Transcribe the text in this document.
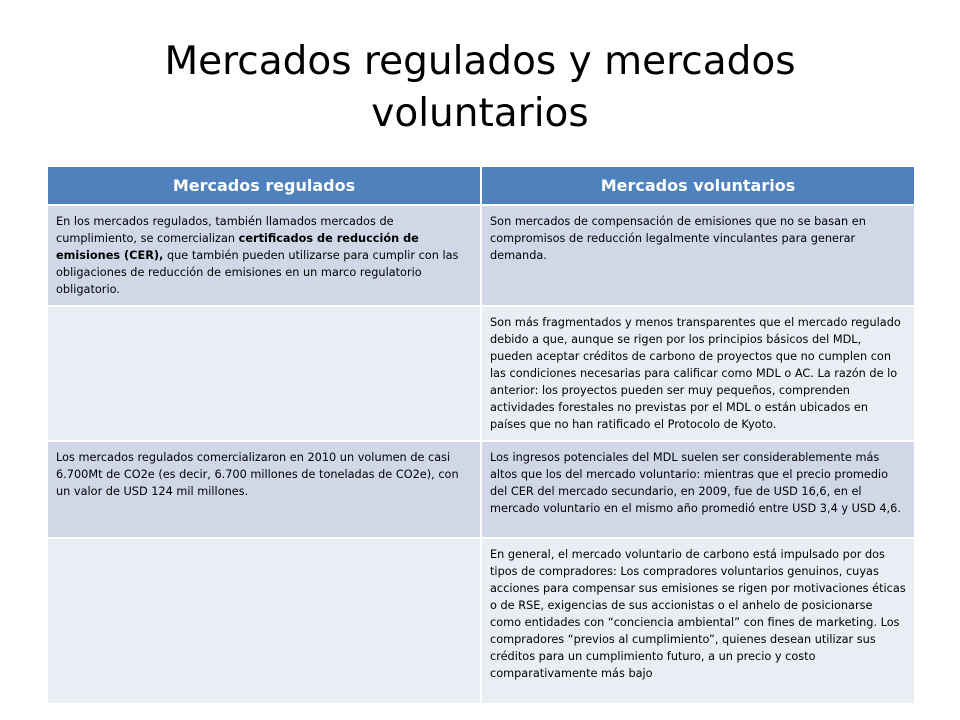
Mercados regulados y mercados
voluntarios
Mercados regulados	Mercados voluntarios
En los mercados regulados, también llamados mercados de cumplimiento, se comercializan certificados de reducción de emisiones (CER), que también pueden utilizarse para cumplir con las obligaciones de reducción de emisiones en un marco regulatorio obligatorio.	Son mercados de compensación de emisiones que no se basan en compromisos de reducción legalmente vinculantes para generar demanda.
	Son más fragmentados y menos transparentes que el mercado regulado debido a que, aunque se rigen por los principios básicos del MDL, pueden aceptar créditos de carbono de proyectos que no cumplen con las condiciones necesarias para calificar como MDL o AC. La razón de lo anterior: los proyectos pueden ser muy pequeños, comprenden actividades forestales no previstas por el MDL o están ubicados en países que no han ratificado el Protocolo de Kyoto.
Los mercados regulados comercializaron en 2010 un volumen de casi 6.700Mt de CO2e (es decir, 6.700 millones de toneladas de CO2e), con un valor de USD 124 mil millones.	Los ingresos potenciales del MDL suelen ser considerablemente más altos que los del mercado voluntario: mientras que el precio promedio del CER del mercado secundario, en 2009, fue de USD 16,6, en el mercado voluntario en el mismo año promedió entre USD 3,4 y USD 4,6.
	En general, el mercado voluntario de carbono está impulsado por dos tipos de compradores: Los compradores voluntarios genuinos, cuyas acciones para compensar sus emisiones se rigen por motivaciones éticas o de RSE, exigencias de sus accionistas o el anhelo de posicionarse como entidades con “conciencia ambiental” con fines de marketing. Los compradores “previos al cumplimiento”, quienes desean utilizar sus créditos para un cumplimiento futuro, a un precio y costo comparativamente más bajo
